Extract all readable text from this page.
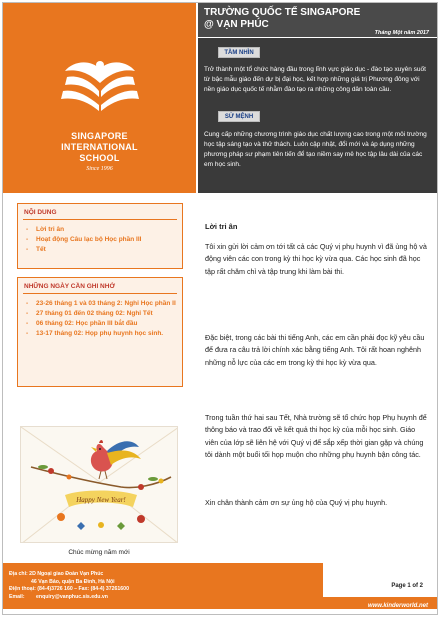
SINGAPORE
INTERNATIONAL
SCHOOL
Since 1996
TRƯỜNG QUỐC TẾ SINGAPORE
@ VẠN PHÚC
Tháng Một năm 2017
TẦM NHÌN
Trở thành một tổ chức hàng đầu trong lĩnh vực giáo dục - đào tạo xuyên suốt từ bậc mẫu giáo đến dự bị đại học, kết hợp những giá trị Phương đông với nền giáo dục quốc tế nhằm đào tạo ra những công dân toàn cầu.
SỨ MỆNH
Cung cấp những chương trình giáo dục chất lượng cao trong một môi trường học tập sáng tạo và thử thách. Luôn cập nhật, đổi mới và áp dụng những phương pháp sư phạm tiên tiến để tạo niềm say mê học tập lâu dài của các em học sinh.
NỘI DUNG
- Lời tri ân
- Hoạt động Câu lạc bộ Học phần III
- Tết
NHỮNG NGÀY CẦN GHI NHỚ
- 23-26 tháng 1 và 03 tháng 2: Nghỉ Học phần II
- 27 tháng 01 đến 02 tháng 02: Nghỉ Tết
- 06 tháng 02: Học phần III bắt đầu
- 13-17 tháng 02: Họp phụ huynh học sinh.
Happy New Year!
Chúc mừng năm mới
Lời tri ân
Tôi xin gửi lời cảm ơn tới tất cả các Quý vị phụ huynh vì đã ủng hộ và động viên các con trong kỳ thi học kỳ vừa qua. Các học sinh đã học tập rất chăm chỉ và tập trung khi làm bài thi.
Đặc biệt, trong các bài thi tiếng Anh, các em cần phải đọc kỹ yêu cầu để đưa ra câu trả lời chính xác bằng tiếng Anh. Tôi rất hoan nghênh những nỗ lực của các em trong kỳ thi học kỳ vừa qua.
Trong tuần thứ hai sau Tết, Nhà trường sẽ tổ chức họp Phụ huynh để thông báo và trao đổi về kết quả thi học kỳ của mỗi học sinh. Giáo viên của lớp sẽ liên hệ với Quý vị để sắp xếp thời gian gặp và chúng tôi dành một buổi tối họp muộn cho những phụ huynh bận công tác.
Xin chân thành cảm ơn sự ủng hộ của Quý vị phụ huynh.
Địa chỉ: 2D Ngoại giao Đoàn Vạn Phúc
46 Vạn Bảo, quận Ba Đình, Hà Nội
Điện thoại: (84-4)3726 160 – Fax: (84-4) 37261600
Email: enquiry@vanphuc.sis.edu.vn
Page 1 of 2
www.kinderworld.net
